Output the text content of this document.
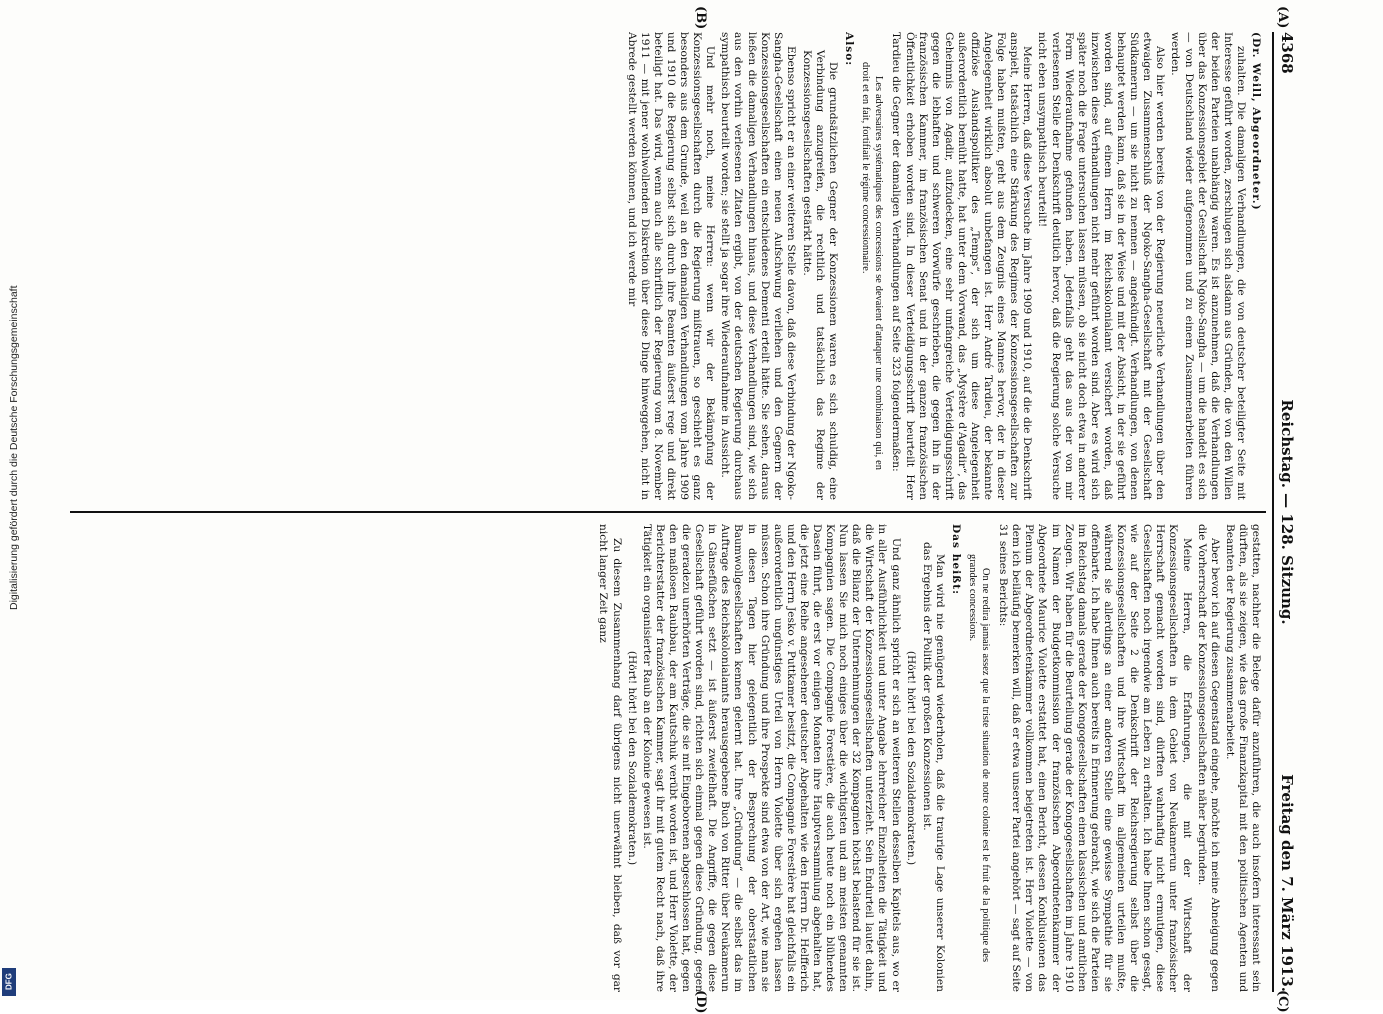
4368
Reichstag. — 128. Sitzung.
Freitag den 7. März 1913.
(A)
(B)
(C)
(D)

(Dr. Weill, Abgeordneter.)

zuhalten. Die damaligen Verhandlungen, die von deutscher beteiligter Seite mit Interesse geführt worden, zerschlugen sich alsdann aus Gründen, die von den Willen der beiden Parteien unabhängig waren. Es ist anzunehmen, daß die Verhandlungen über das Konzessionsgebiet der Gesellschaft Ngoko-Sangha — um die handelt es sich — von Deutschland wieder aufgenommen und zu einem Zusammenarbeiten führen werden.

Also hier werden bereits von der Regierung neuerliche Verhandlungen über den etwaigen Zusammenschluß der Ngoko-Sangha-Gesellschaft mit der Gesellschaft Südkamerun — um sie nicht zu nennen — angekündigt. Verhandlungen, von denen behauptet werden kann, daß sie in der Weise und mit der Absicht, in der sie geführt worden sind, auf einem Herrn im Reichskolonialamt versichert worden, daß inzwischen diese Verhandlungen nicht mehr geführt worden sind. Aber es wird sich später noch die Frage untersuchen lassen müssen, ob sie nicht doch etwa in anderer Form Wiederaufnahme gefunden haben. Jedenfalls geht das aus der von mir verlesenen Stelle der Denkschrift deutlich hervor, daß die Regierung solche Versuche nicht eben unsympathisch beurteilt!

Meine Herren, daß diese Versuche im Jahre 1909 und 1910, auf die die Denkschrift anspielt, tatsächlich eine Stärkung des Regimes der Konzessionsgesellschaften zur Folge haben mußten, geht aus dem Zeugnis eines Mannes hervor, der in dieser Angelegenheit wirklich absolut unbefangen ist. Herr André Tardieu, der bekannte offiziöse Auslandspolitiker des „Temps“, der sich um diese Angelegenheit außerordentlich bemüht hatte, hat unter dem Vorwand, das „Mystère d'Agadir“, das Geheimnis von Agadir, aufzudecken, eine sehr umfangreiche Verteidigungsschrift gegen die lebhaften und schweren Vorwürfe geschrieben, die gegen ihn in der französischen Kammer, im französischen Senat und in der ganzen französischen Öffentlichkeit erhoben worden sind. In dieser Verteidigungsschrift beurteilt Herr Tardieu die Gegner der damaligen Verhandlungen auf Seite 323 folgendermaßen:

Les adversaires systématiques des concessions se devaient d'attaquer une combinaison qui, en droit et en fait, fortifiait le régime concessionnaire.

Also:

Die grundsätzlichen Gegner der Konzessionen waren es sich schuldig, eine Verbindung anzugreifen, die rechtlich und tatsächlich das Regime der Konzessionsgesellschaften gestärkt hätte.

Ebenso spricht er an einer weiteren Stelle davon, daß diese Verbindung der Ngoko-Sangha-Gesellschaft einen neuen Aufschwung verliehen und den Gegnern der Konzessionsgesellschaften ein entschiedenes Dementi erteilt hätte. Sie sehen, daraus ließen die damaligen Verhandlungen hinaus, und diese Verhandlungen sind, wie sich aus den vorhin verlesenen Zitaten ergibt, von der deutschen Regierung durchaus sympathisch beurteilt worden; sie stellt ja sogar ihre Wiederaufnahme in Aussicht.

Und mehr noch, meine Herren: wenn wir der Bekämpfung der Konzessionsgesellschaften durch die Regierung mißtrauen, so geschieht es ganz besonders aus dem Grunde, weil an den damaligen Verhandlungen vom Jahre 1909 und 1910 die Regierung selbst sich durch ihre Beamten äußerst rege und direkt beteiligt hat. Das wird, wenn auch alle schriftlich der Regierung vom 8. November 1911 — mit jener wohlwollenden Diskretion über diese Dinge hinweggehen, nicht in Abrede gestellt werden können, und ich werde mir

gestatten, nachher die Belege dafür anzuführen, die auch insofern interessant sein dürften, als sie zeigen, wie das große Finanzkapital mit den politischen Agenten und Beamten der Regierung zusammenarbeitet.

Aber bevor ich auf diesen Gegenstand eingehe, möchte ich meine Abneigung gegen die Vorherrschaft der Konzessionsgesellschaften näher begründen.

Meine Herren, die Erfahrungen, die mit der Wirtschaft der Konzessionsgesellschaften in dem Gebiet von Neukamerun unter französischer Herrschaft gemacht worden sind, dürften wahrhaftig nicht ermutigen, diese Gesellschaften noch irgendwie am Leben zu erhalten. Ich habe Ihnen schon gesagt, wie auf der Seite 2 die Denkschrift der Reichsregierung selbst über die Konzessionsgesellschaften und ihre Wirtschaft im allgemeinen urteilen mußte, während sie allerdings an einer anderen Stelle eine gewisse Sympathie für sie offenbarte. Ich habe Ihnen auch bereits in Erinnerung gebracht, wie sich die Parteien im Reichstag damals gerade der Kongogesellschaften einen klassischen und amtlichen Zeugen. Wir haben für die Beurteilung gerade der Kongogesellschaften im Jahre 1910 im Namen der Budgetkommission der französischen Abgeordnetenkammer der Abgeordnete Maurice Violette erstattet hat, einen Bericht, dessen Konklusionen das Plenum der Abgeordnetenkammer vollkommen beigetreten ist. Herr Violette — von dem ich beiläufig bemerken will, daß er etwa unserer Partei angehört — sagt auf Seite 31 seines Berichts:

On ne redira jamais assez que la triste situation de notre colonie est le fruit de la politique des grandes concessions.

Das heißt:

Man wird nie genügend wiederholen, daß die traurige Lage unserer Kolonien das Ergebnis der Politik der großen Konzessionen ist.

(Hört! hört! bei den Sozialdemokraten.)

Und ganz ähnlich spricht er sich an weiteren Stellen desselben Kapitels aus, wo er in aller Ausführlichkeit und unter Angabe lehrreicher Einzelheiten die Tätigkeit und die Wirtschaft der Konzessionsgesellschaften unterzieht. Sein Endurteil lautet dahin, daß die Bilanz der Unternehmungen der 32 Kompagnien höchst belastend für sie ist. Nun lassen Sie mich noch einiges über die wichtigsten und am meisten genannten Kompagnien sagen. Die Compagnie Forestière, die auch heute noch ein blühendes Dasein führt, die erst vor einigen Monaten ihre Hauptversammlung abgehalten hat, die jetzt eine Reihe angesehener deutscher Abgehalten wie den Herrn Dr. Helfferich und den Herrn Jesko v. Puttkamer besitzt, die Compagnie Forestière hat gleichfalls ein außerordentlich ungünstiges Urteil von Herrn Violette über sich ergehen lassen müssen. Schon ihre Gründung und ihre Prospekte sind etwa von der Art, wie man sie in diesen Tagen hier gelegentlich der Besprechung der oberstaatlichen Baumwollgesellschaften kennen gelernt hat. Ihre „Gründung“ — die selbst das im Auftrage des Reichskolonialamts herausgegebene Buch von Ritter über Neukamerun in Gänsefüßchen setzt — ist äußerst zweifelhaft. Die Angriffe, die gegen diese Gesellschaft geführt worden sind, richten sich einmal gegen diese Gründung, gegen die geradezu unerhörten Verträge, die sie mit Eingeborenen abgeschlossen hat, gegen den maßlosen Raubbau, der am Kautschuk verübt worden ist, und Herr Violette, der Berichterstatter der französischen Kammer, sagt ihr mit gutem Recht nach, daß ihre Tätigkeit ein organisierter Raub an der Kolonie gewesen ist.

(Hört! hört! bei den Sozialdemokraten.)

Zu diesem Zusammenhang darf übrigens nicht unerwähnt bleiben, daß vor gar nicht langer Zeit ganz

Digitalisierung gefördert durch die Deutsche Forschungsgemeinschaft
DFG
